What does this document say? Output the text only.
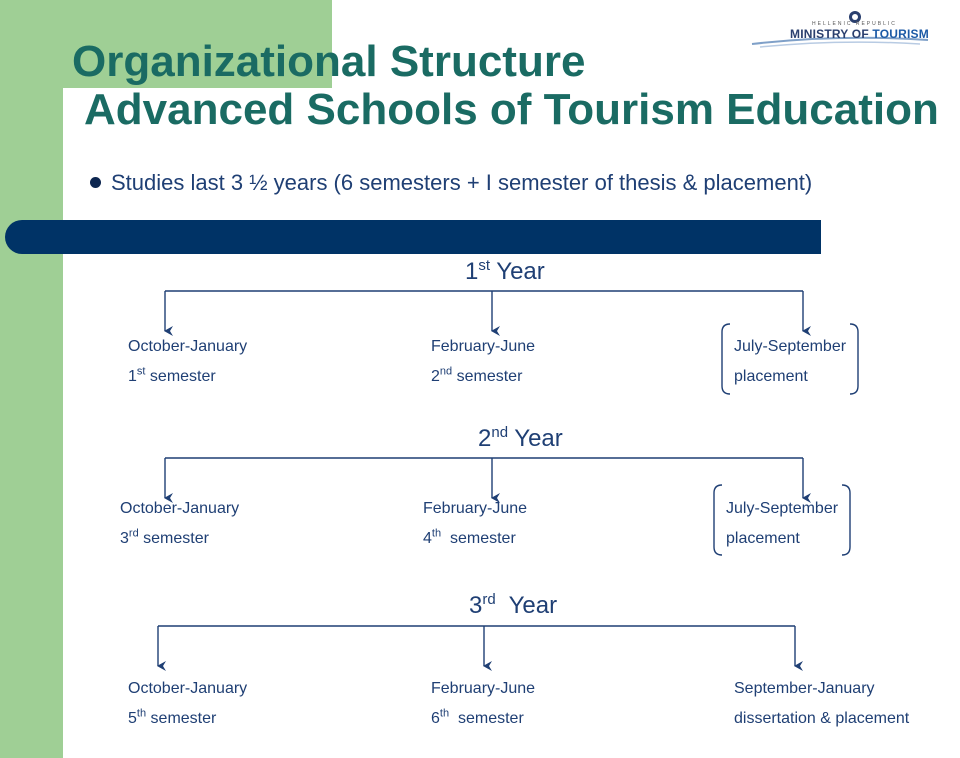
HELLENIC REPUBLIC
MINISTRY OF TOURISM
Organizational Structure
Advanced Schools of Tourism Education
Studies last 3 ½ years (6 semesters + I semester of thesis & placement)
1st Year
October-January
1st semester
February-June
2nd semester
July-September
placement
2nd Year
October-January
3rd semester
February-June
4th semester
July-September
placement
3rd Year
October-January
5th semester
February-June
6th semester
September-January
dissertation & placement
